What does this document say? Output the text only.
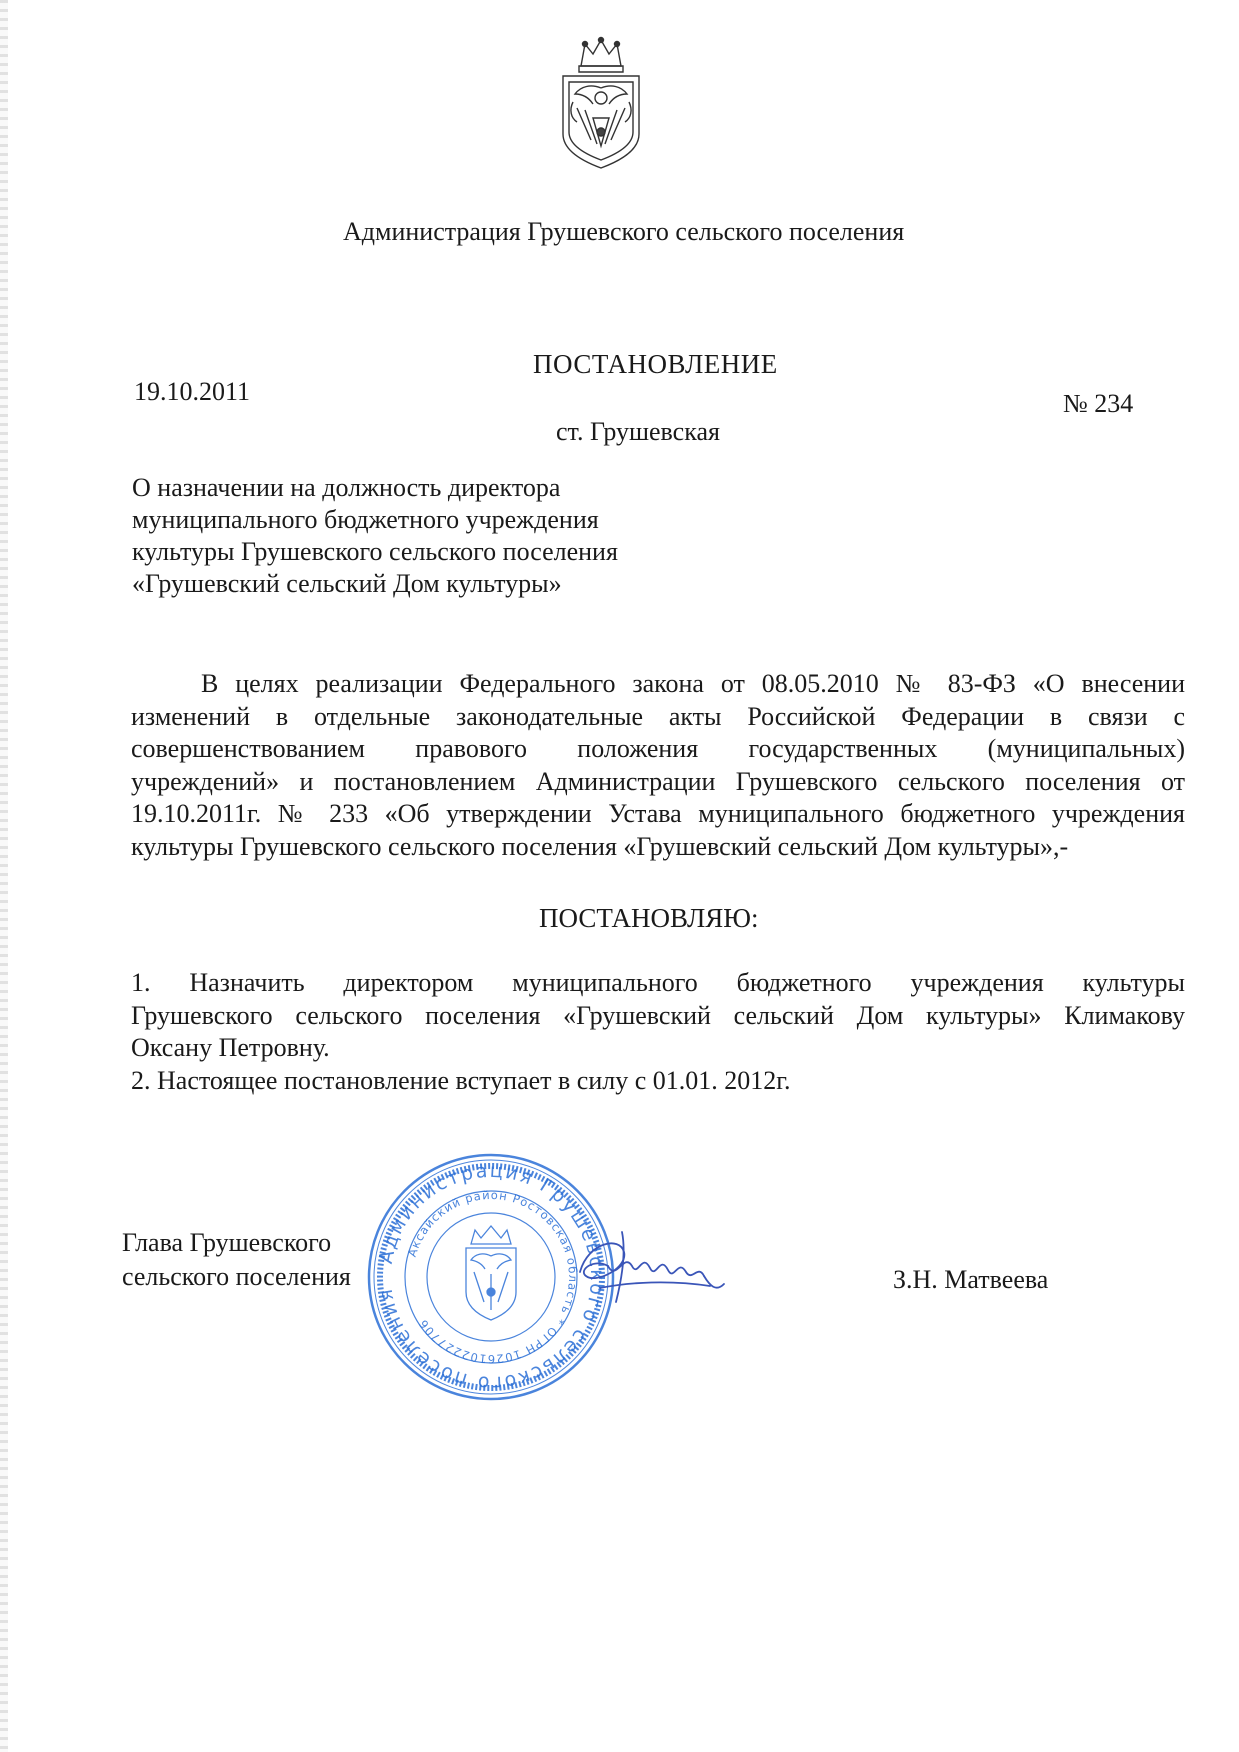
Администрация Грушевского сельского поселения
ПОСТАНОВЛЕНИЕ
19.10.2011	№ 234
ст. Грушевская
О назначении на должность директора
муниципального бюджетного учреждения
культуры Грушевского сельского поселения
«Грушевский сельский Дом культуры»
В целях реализации Федерального закона от 08.05.2010 № 83-ФЗ «О внесении
изменений в отдельные законодательные акты Российской Федерации в связи с
совершенствованием правового положения государственных (муниципальных)
учреждений» и постановлением Администрации Грушевского сельского поселения от
19.10.2011г. № 233 «Об утверждении Устава муниципального бюджетного учреждения
культуры Грушевского сельского поселения «Грушевский сельский Дом культуры»,-
ПОСТАНОВЛЯЮ:
1. Назначить директором муниципального бюджетного учреждения культуры
Грушевского сельского поселения «Грушевский сельский Дом культуры» Климакову
Оксану Петровну.
2. Настоящее постановление вступает в силу с 01.01. 2012г.
Глава Грушевского
сельского поселения	З.Н. Матвеева
Администрация Грушевского сельского поселения
Аксайский район Ростовская область * ОГРН 1026102227706
